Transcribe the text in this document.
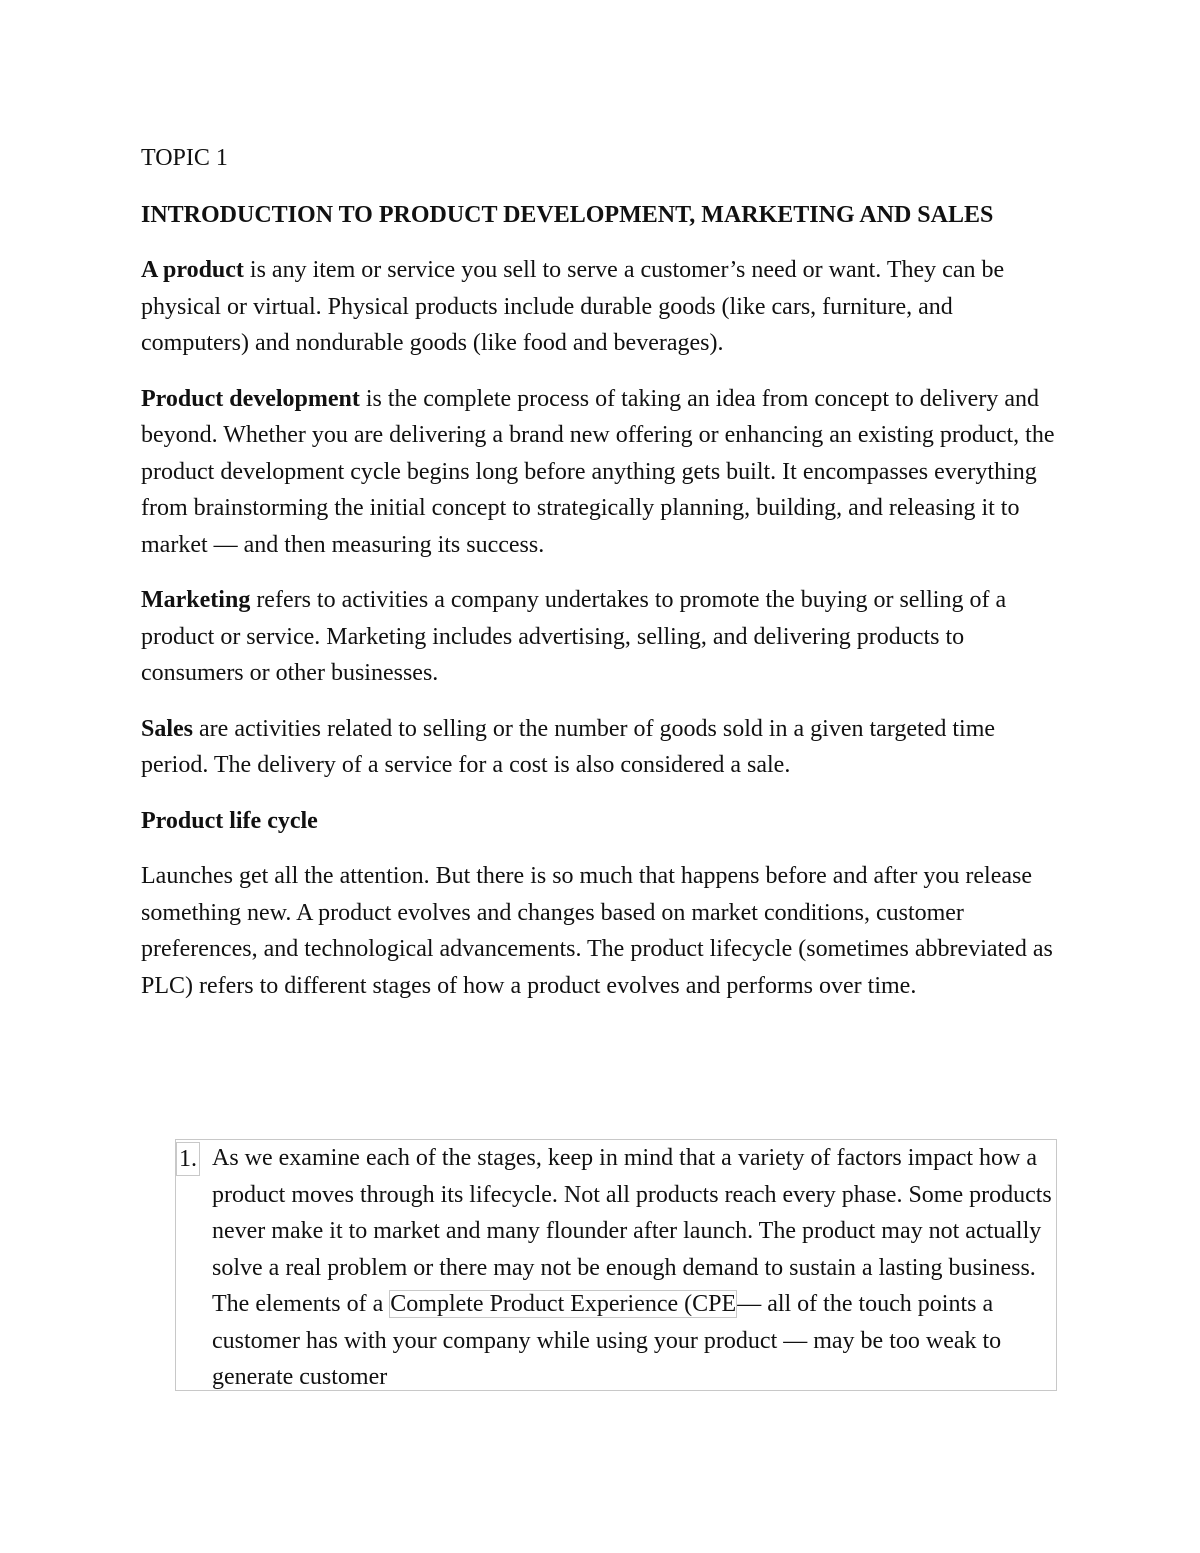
TOPIC 1

INTRODUCTION TO PRODUCT DEVELOPMENT, MARKETING AND SALES

A product is any item or service you sell to serve a customer’s need or want. They can be physical or virtual. Physical products include durable goods (like cars, furniture, and computers) and nondurable goods (like food and beverages).

Product development is the complete process of taking an idea from concept to delivery and beyond. Whether you are delivering a brand new offering or enhancing an existing product, the product development cycle begins long before anything gets built. It encompasses everything from brainstorming the initial concept to strategically planning, building, and releasing it to market — and then measuring its success.

Marketing refers to activities a company undertakes to promote the buying or selling of a product or service. Marketing includes advertising, selling, and delivering products to consumers or other businesses.

Sales are activities related to selling or the number of goods sold in a given targeted time period. The delivery of a service for a cost is also considered a sale.

Product life cycle

Launches get all the attention. But there is so much that happens before and after you release something new. A product evolves and changes based on market conditions, customer preferences, and technological advancements. The product lifecycle (sometimes abbreviated as PLC) refers to different stages of how a product evolves and performs over time.

1. As we examine each of the stages, keep in mind that a variety of factors impact how a product moves through its lifecycle. Not all products reach every phase. Some products never make it to market and many flounder after launch. The product may not actually solve a real problem or there may not be enough demand to sustain a lasting business. The elements of a Complete Product Experience (CPE— all of the touch points a customer has with your company while using your product — may be too weak to generate customer
